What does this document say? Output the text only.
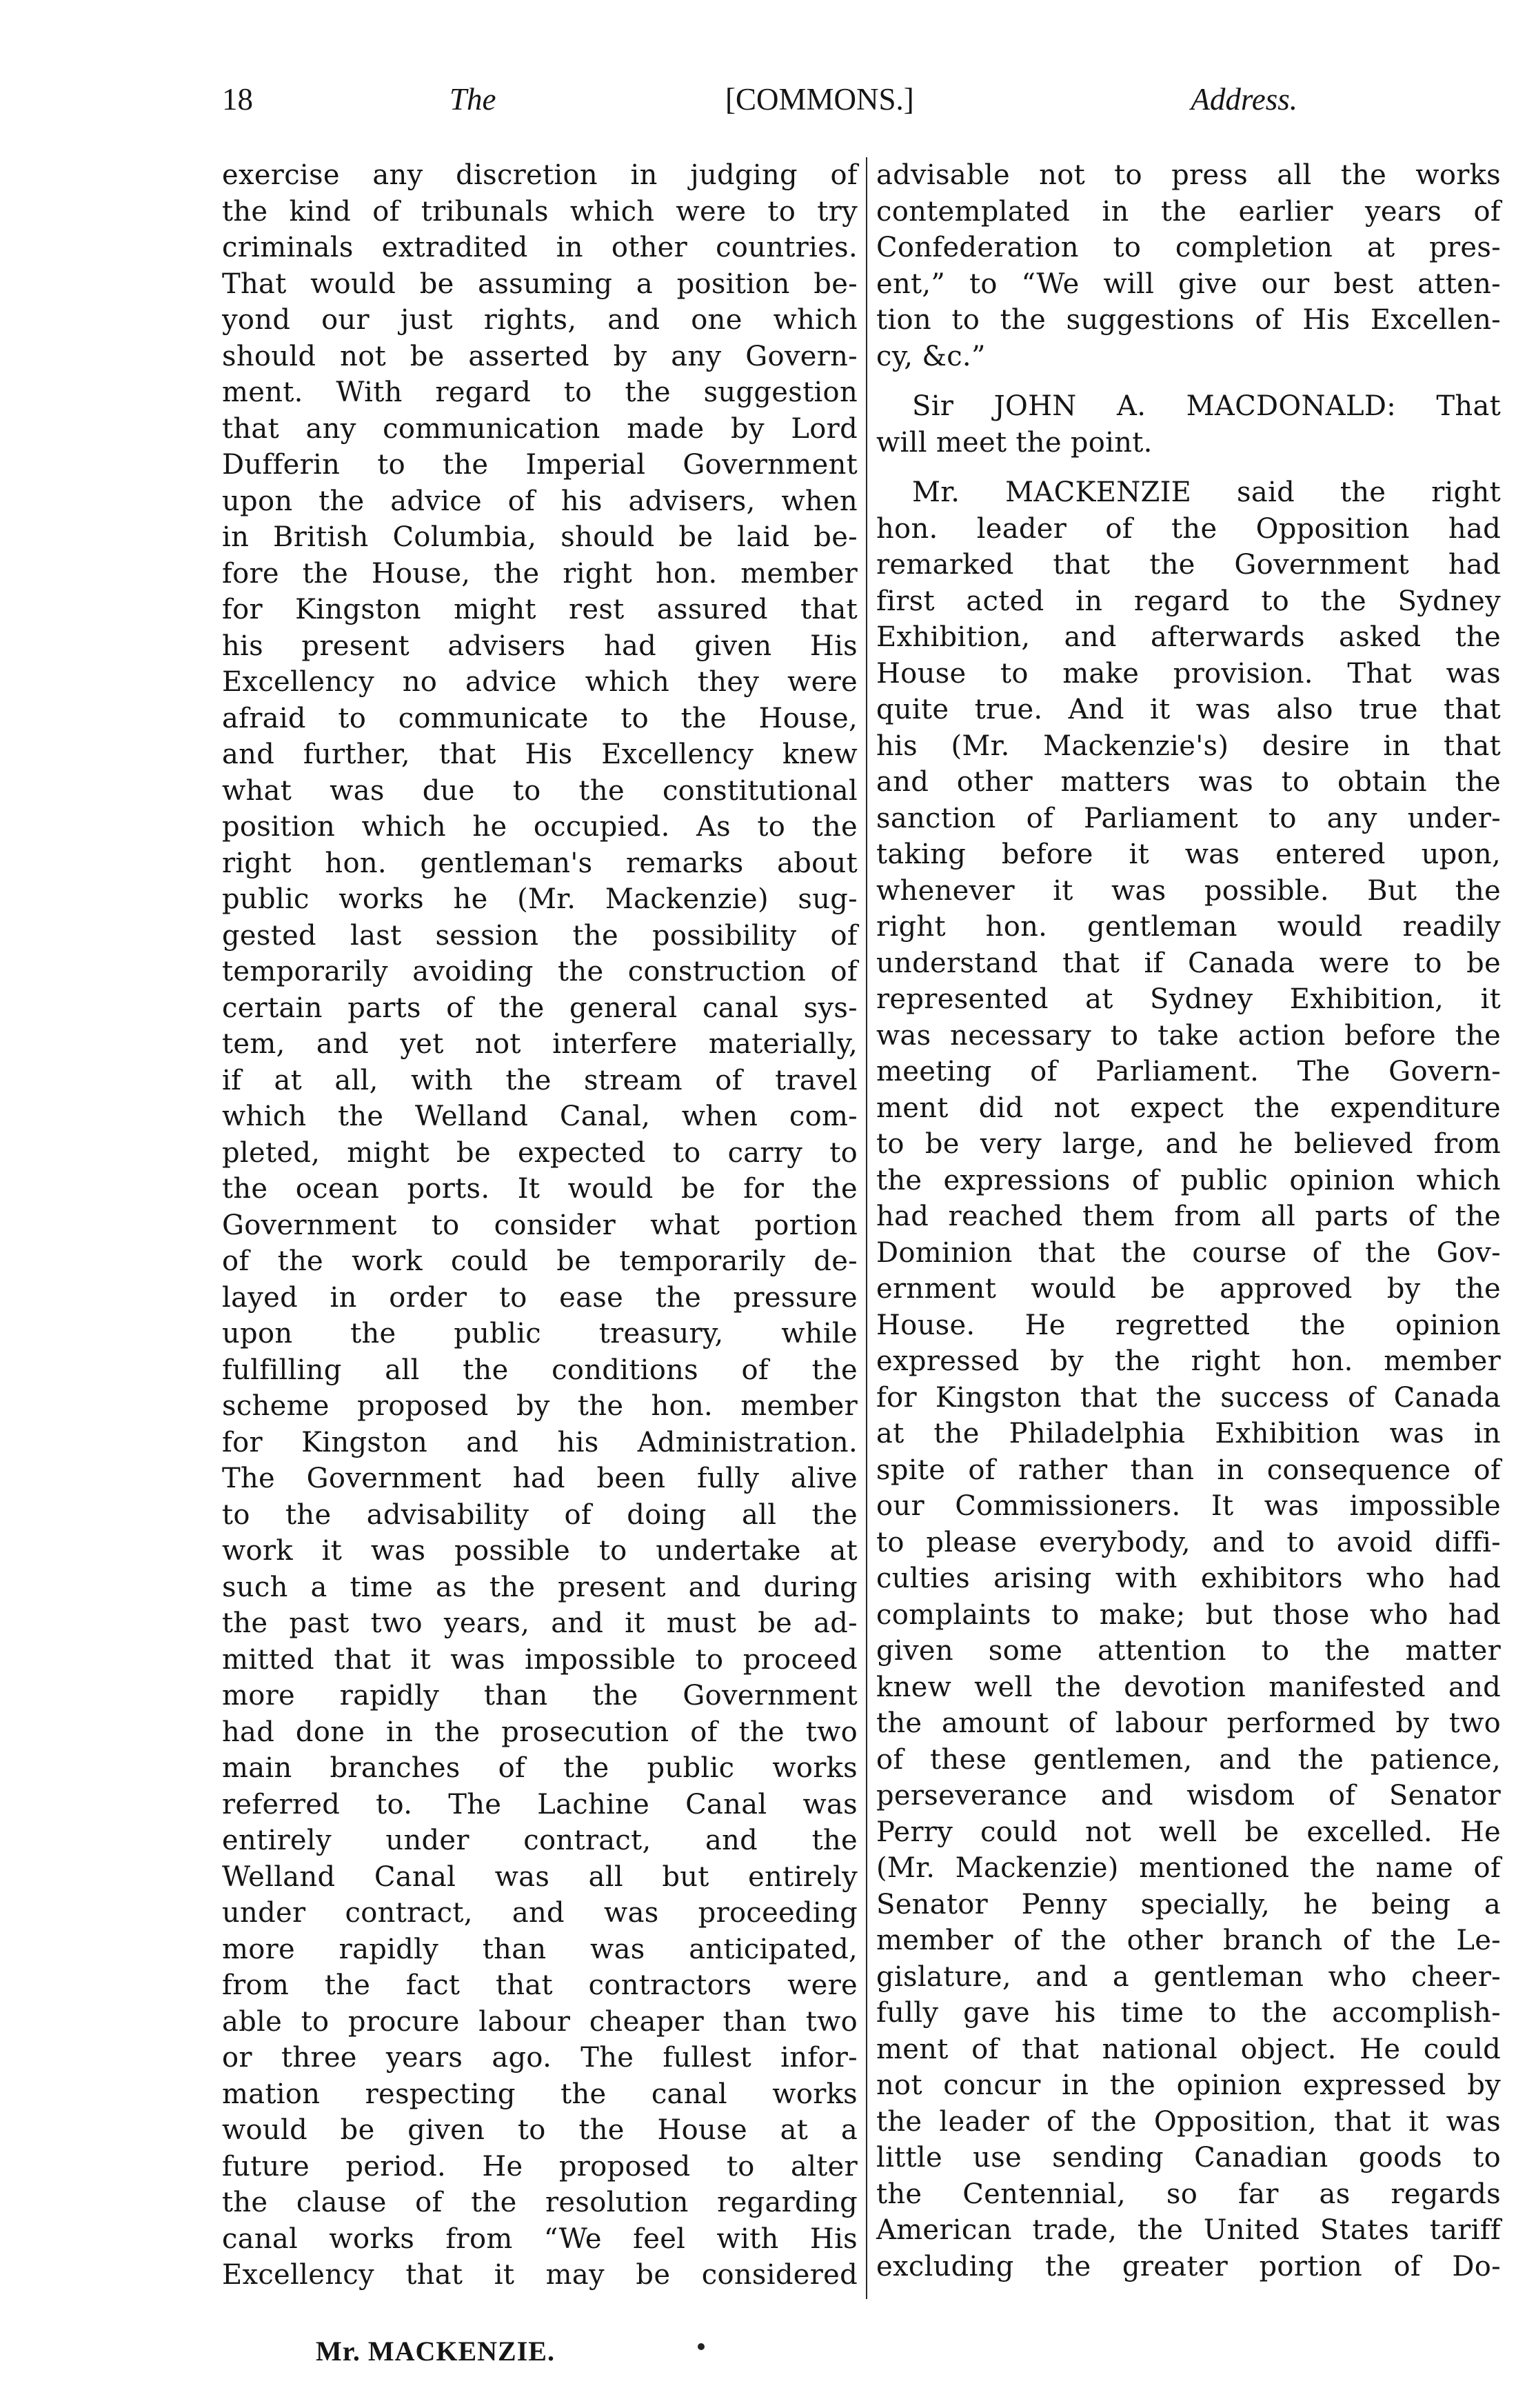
18	The	[COMMONS.]	Address.
exercise any discretion in judging of
the kind of tribunals which were to try
criminals extradited in other countries.
That would be assuming a position be-
yond our just rights, and one which
should not be asserted by any Govern-
ment. With regard to the suggestion
that any communication made by Lord
Dufferin to the Imperial Government
upon the advice of his advisers, when
in British Columbia, should be laid be-
fore the House, the right hon. member
for Kingston might rest assured that
his present advisers had given His
Excellency no advice which they were
afraid to communicate to the House,
and further, that His Excellency knew
what was due to the constitutional
position which he occupied. As to the
right hon. gentleman's remarks about
public works he (Mr. Mackenzie) sug-
gested last session the possibility of
temporarily avoiding the construction of
certain parts of the general canal sys-
tem, and yet not interfere materially,
if at all, with the stream of travel
which the Welland Canal, when com-
pleted, might be expected to carry to
the ocean ports. It would be for the
Government to consider what portion
of the work could be temporarily de-
layed in order to ease the pressure
upon the public treasury, while
fulfilling all the conditions of the
scheme proposed by the hon. member
for Kingston and his Administration.
The Government had been fully alive
to the advisability of doing all the
work it was possible to undertake at
such a time as the present and during
the past two years, and it must be ad-
mitted that it was impossible to proceed
more rapidly than the Government
had done in the prosecution of the two
main branches of the public works
referred to. The Lachine Canal was
entirely under contract, and the
Welland Canal was all but entirely
under contract, and was proceeding
more rapidly than was anticipated,
from the fact that contractors were
able to procure labour cheaper than two
or three years ago. The fullest infor-
mation respecting the canal works
would be given to the House at a
future period. He proposed to alter
the clause of the resolution regarding
canal works from “We feel with His
Excellency that it may be considered
advisable not to press all the works
contemplated in the earlier years of
Confederation to completion at pres-
ent,” to “We will give our best atten-
tion to the suggestions of His Excellen-
cy, &c.”
Sir JOHN A. MACDONALD: That
will meet the point.
Mr. MACKENZIE said the right
hon. leader of the Opposition had
remarked that the Government had
first acted in regard to the Sydney
Exhibition, and afterwards asked the
House to make provision. That was
quite true. And it was also true that
his (Mr. Mackenzie's) desire in that
and other matters was to obtain the
sanction of Parliament to any under-
taking before it was entered upon,
whenever it was possible. But the
right hon. gentleman would readily
understand that if Canada were to be
represented at Sydney Exhibition, it
was necessary to take action before the
meeting of Parliament. The Govern-
ment did not expect the expenditure
to be very large, and he believed from
the expressions of public opinion which
had reached them from all parts of the
Dominion that the course of the Gov-
ernment would be approved by the
House. He regretted the opinion
expressed by the right hon. member
for Kingston that the success of Canada
at the Philadelphia Exhibition was in
spite of rather than in consequence of
our Commissioners. It was impossible
to please everybody, and to avoid diffi-
culties arising with exhibitors who had
complaints to make; but those who had
given some attention to the matter
knew well the devotion manifested and
the amount of labour performed by two
of these gentlemen, and the patience,
perseverance and wisdom of Senator
Perry could not well be excelled. He
(Mr. Mackenzie) mentioned the name of
Senator Penny specially, he being a
member of the other branch of the Le-
gislature, and a gentleman who cheer-
fully gave his time to the accomplish-
ment of that national object. He could
not concur in the opinion expressed by
the leader of the Opposition, that it was
little use sending Canadian goods to
the Centennial, so far as regards
American trade, the United States tariff
excluding the greater portion of Do-
Mr. MACKENZIE.
